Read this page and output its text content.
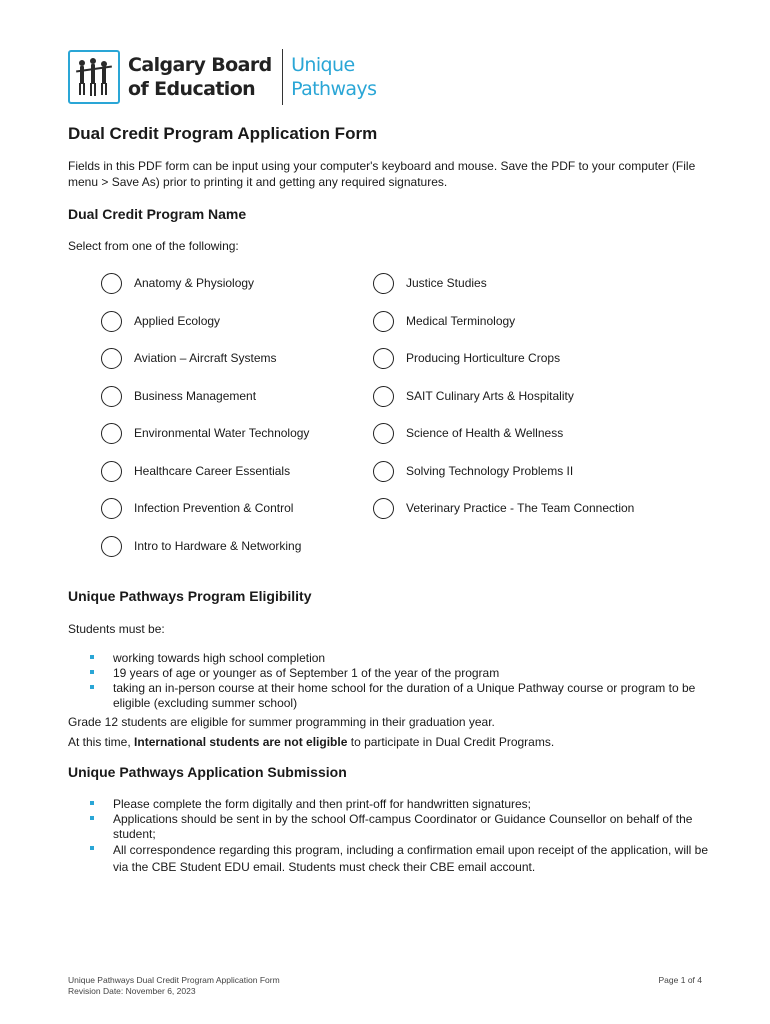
Calgary Board
of Education
Unique
Pathways
Dual Credit Program Application Form

Fields in this PDF form can be input using your computer's keyboard and mouse. Save the PDF to your computer (File menu > Save As) prior to printing it and getting any required signatures.

Dual Credit Program Name

Select from one of the following:

Anatomy & Physiology
Applied Ecology
Aviation – Aircraft Systems
Business Management
Environmental Water Technology
Healthcare Career Essentials
Infection Prevention & Control
Intro to Hardware & Networking
Justice Studies
Medical Terminology
Producing Horticulture Crops
SAIT Culinary Arts & Hospitality
Science of Health & Wellness
Solving Technology Problems II
Veterinary Practice - The Team Connection
Unique Pathways Program Eligibility

Students must be:

working towards high school completion
19 years of age or younger as of September 1 of the year of the program
taking an in-person course at their home school for the duration of a Unique Pathway course or program to be eligible (excluding summer school)

Grade 12 students are eligible for summer programming in their graduation year.

At this time, International students are not eligible to participate in Dual Credit Programs.

Unique Pathways Application Submission
Please complete the form digitally and then print-off for handwritten signatures;
Applications should be sent in by the school Off-campus Coordinator or Guidance Counsellor on behalf of the student;
All correspondence regarding this program, including a confirmation email upon receipt of the application, will be via the CBE Student EDU email. Students must check their CBE email account.
Unique Pathways Dual Credit Program Application Form
Revision Date: November 6, 2023
Page 1 of 4
